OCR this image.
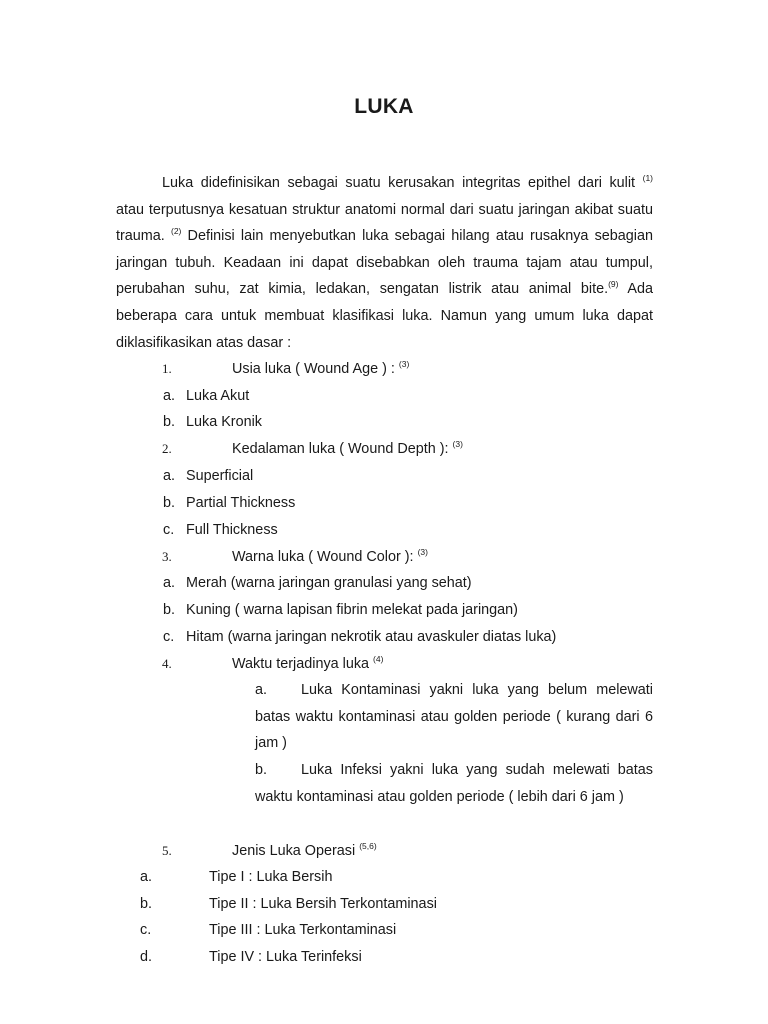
LUKA
Luka didefinisikan sebagai suatu kerusakan integritas epithel dari kulit $^{(1)}$ atau terputusnya kesatuan struktur anatomi normal dari suatu jaringan akibat suatu trauma. $^{(2)}$ Definisi lain menyebutkan luka sebagai hilang atau rusaknya sebagian jaringan tubuh. Keadaan ini dapat disebabkan oleh trauma tajam atau tumpul, perubahan suhu, zat kimia, ledakan, sengatan listrik atau animal bite.$^{(9)}$ Ada beberapa cara untuk membuat klasifikasi luka. Namun yang umum luka dapat diklasifikasikan atas dasar :
1.	Usia luka ( Wound Age ) : $^{(3)}$
a. Luka Akut
b. Luka Kronik
2.	Kedalaman luka ( Wound Depth ): $^{(3)}$
a. Superficial
b. Partial Thickness
c. Full Thickness
3.	Warna luka ( Wound Color ): $^{(3)}$
a. Merah (warna jaringan granulasi yang sehat)
b. Kuning ( warna lapisan fibrin melekat pada jaringan)
c. Hitam (warna jaringan nekrotik atau avaskuler diatas luka)
4.	Waktu terjadinya luka $^{(4)}$
a. Luka Kontaminasi yakni luka yang belum melewati batas waktu kontaminasi atau golden periode ( kurang dari 6 jam )
b. Luka Infeksi yakni luka yang sudah melewati batas waktu kontaminasi atau golden periode ( lebih dari 6 jam )
5.	Jenis Luka Operasi $^{(5,6)}$
a.	Tipe I : Luka Bersih
b.	Tipe II : Luka Bersih Terkontaminasi
c.	Tipe III : Luka Terkontaminasi
d.	Tipe IV : Luka Terinfeksi
